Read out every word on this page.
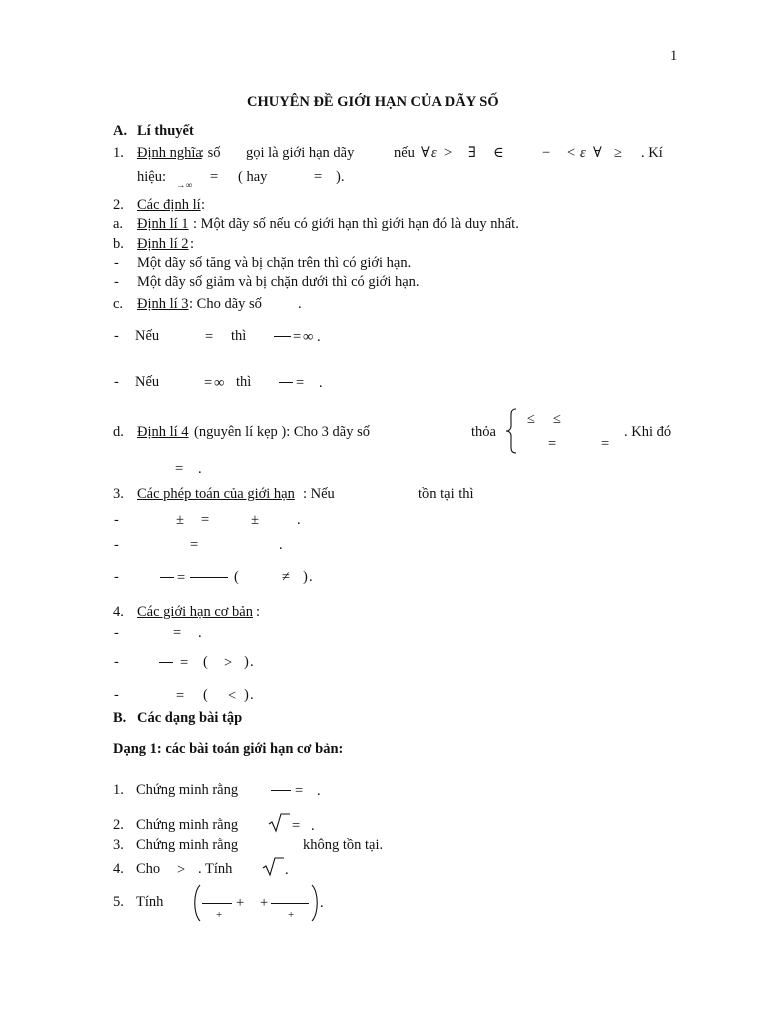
1
CHUYÊN ĐỀ GIỚI HẠN CỦA DÃY SỐ
A. Lí thuyết
1. Định nghĩa
: số gọi là giới hạn dãy	nếu ∀ ε > ∃ ∈	− < ε ∀ ≥ . Kí
hiệu:
→∞
= ( hay	= ).
2. Các định lí :
a. Định lí 1 : Một dãy số nếu có giới hạn thì giới hạn đó là duy nhất.
b. Định lí 2 :
- Một dãy số tăng và bị chặn trên thì có giới hạn.
- Một dãy số giảm và bị chặn dưới thì có giới hạn.
c. Định lí 3 : Cho dãy số .
- Nếu	= thì	= ∞ .
- Nếu	= ∞ thì	= .
d. Định lí 4 (nguyên lí kẹp ): Cho 3 dãy số	thỏa
≤ ≤
=	=
. Khi đó
= .
3. Các phép toán của giới hạn : Nếu	tồn tại thì
-	± =	±	.
-	=	.
-	=	(	≠ ) .
4. Các giới hạn cơ bản :
-	= .
-	= ( > ) .
-	= ( < ) .
B. Các dạng bài tập
Dạng 1: các bài toán giới hạn cơ bản:
1. Chứng minh rằng	= .
2. Chứng minh rằng	= .
3. Chứng minh rằng	không tồn tại.
4. Cho > . Tính	.
5. Tính	+ +
+	+
.
